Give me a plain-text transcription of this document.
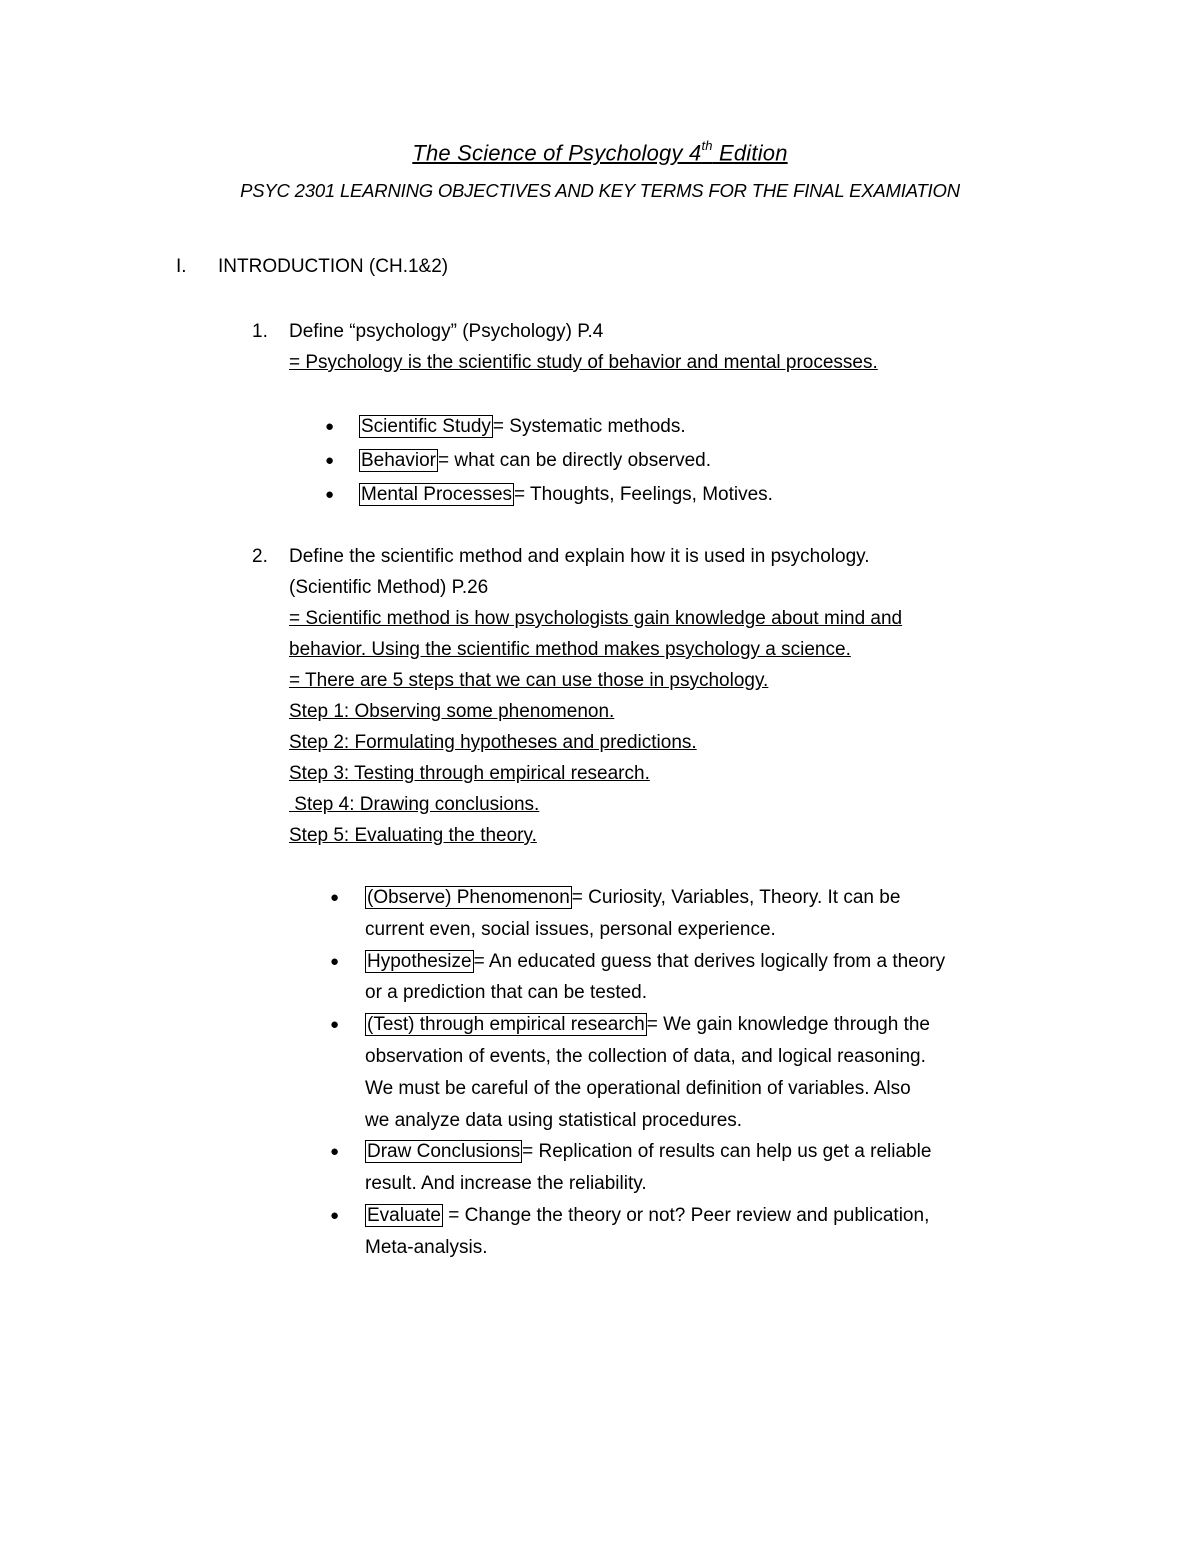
The Science of Psychology 4th Edition
PSYC 2301 LEARNING OBJECTIVES AND KEY TERMS FOR THE FINAL EXAMIATION
I. INTRODUCTION (CH.1&2)
1. Define “psychology” (Psychology) P.4
= Psychology is the scientific study of behavior and mental processes.
● Scientific Study = Systematic methods.
● Behavior = what can be directly observed.
● Mental Processes = Thoughts, Feelings, Motives.
2. Define the scientific method and explain how it is used in psychology.
(Scientific Method) P.26
= Scientific method is how psychologists gain knowledge about mind and
behavior. Using the scientific method makes psychology a science.
= There are 5 steps that we can use those in psychology.
Step 1: Observing some phenomenon.
Step 2: Formulating hypotheses and predictions.
Step 3: Testing through empirical research.
Step 4: Drawing conclusions.
Step 5: Evaluating the theory.
● (Observe) Phenomenon = Curiosity, Variables, Theory. It can be
current even, social issues, personal experience.
● Hypothesize = An educated guess that derives logically from a theory
or a prediction that can be tested.
● (Test) through empirical research = We gain knowledge through the
observation of events, the collection of data, and logical reasoning.
We must be careful of the operational definition of variables. Also
we analyze data using statistical procedures.
● Draw Conclusions = Replication of results can help us get a reliable
result. And increase the reliability.
● Evaluate = Change the theory or not? Peer review and publication,
Meta-analysis.
